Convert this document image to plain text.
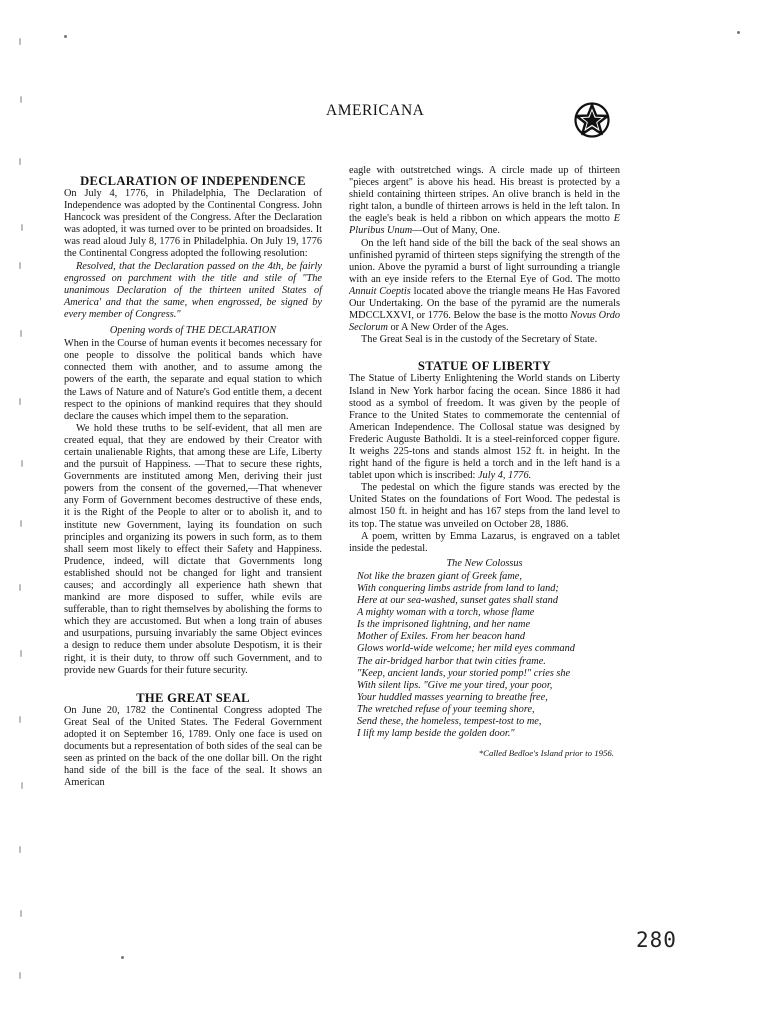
AMERICANA
DECLARATION OF INDEPENDENCE

On July 4, 1776, in Philadelphia, The Declaration of Independence was adopted by the Continental Congress. John Hancock was president of the Congress. After the Declaration was adopted, it was turned over to be printed on broadsides. It was read aloud July 8, 1776 in Philadelphia. On July 19, 1776 the Continental Congress adopted the following resolution:

Resolved, that the Declaration passed on the 4th, be fairly engrossed on parchment with the title and stile of "The unanimous Declaration of the thirteen united States of America' and that the same, when engrossed, be signed by every member of Congress."

Opening words of THE DECLARATION

When in the Course of human events it becomes necessary for one people to dissolve the political bands which have connected them with another, and to assume among the powers of the earth, the separate and equal station to which the Laws of Nature and of Nature's God entitle them, a decent respect to the opinions of mankind requires that they should declare the causes which impel them to the separation.

We hold these truths to be self-evident, that all men are created equal, that they are endowed by their Creator with certain unalienable Rights, that among these are Life, Liberty and the pursuit of Happiness. —That to secure these rights, Governments are instituted among Men, deriving their just powers from the consent of the governed,—That whenever any Form of Government becomes destructive of these ends, it is the Right of the People to alter or to abolish it, and to institute new Government, laying its foundation on such principles and organizing its powers in such form, as to them shall seem most likely to effect their Safety and Happiness. Prudence, indeed, will dictate that Governments long established should not be changed for light and transient causes; and accordingly all experience hath shewn that mankind are more disposed to suffer, while evils are sufferable, than to right themselves by abolishing the forms to which they are accustomed. But when a long train of abuses and usurpations, pursuing invariably the same Object evinces a design to reduce them under absolute Despotism, it is their right, it is their duty, to throw off such Government, and to provide new Guards for their future security.

THE GREAT SEAL

On June 20, 1782 the Continental Congress adopted The Great Seal of the United States. The Federal Government adopted it on September 16, 1789. Only one face is used on documents but a representation of both sides of the seal can be seen as printed on the back of the one dollar bill. On the right hand side of the bill is the face of the seal. It shows an American

eagle with outstretched wings. A circle made up of thirteen "pieces argent" is above his head. His breast is protected by a shield containing thirteen stripes. An olive branch is held in the right talon, a bundle of thirteen arrows is held in the left talon. In the eagle's beak is held a ribbon on which appears the motto E Pluribus Unum—Out of Many, One.

On the left hand side of the bill the back of the seal shows an unfinished pyramid of thirteen steps signifying the strength of the union. Above the pyramid a burst of light surrounding a triangle with an eye inside refers to the Eternal Eye of God. The motto Annuit Coeptis located above the triangle means He Has Favored Our Undertaking. On the base of the pyramid are the numerals MDCCLXXVI, or 1776. Below the base is the motto Novus Ordo Seclorum or A New Order of the Ages.

The Great Seal is in the custody of the Secretary of State.

STATUE OF LIBERTY

The Statue of Liberty Enlightening the World stands on Liberty Island in New York harbor facing the ocean. Since 1886 it had stood as a symbol of freedom. It was given by the people of France to the United States to commemorate the centennial of American Independence. The Collosal statue was designed by Frederic Auguste Batholdi. It is a steel-reinforced copper figure. It weighs 225-tons and stands almost 152 ft. in height. In the right hand of the figure is held a torch and in the left hand is a tablet upon which is inscribed: July 4, 1776.

The pedestal on which the figure stands was erected by the United States on the foundations of Fort Wood. The pedestal is almost 150 ft. in height and has 167 steps from the land level to its top. The statue was unveiled on October 28, 1886.

A poem, written by Emma Lazarus, is engraved on a tablet inside the pedestal.

The New Colossus
Not like the brazen giant of Greek fame,
With conquering limbs astride from land to land;
Here at our sea-washed, sunset gates shall stand
A mighty woman with a torch, whose flame
Is the imprisoned lightning, and her name
Mother of Exiles. From her beacon hand
Glows world-wide welcome; her mild eyes command
The air-bridged harbor that twin cities frame.
"Keep, ancient lands, your storied pomp!" cries she
With silent lips. "Give me your tired, your poor,
Your huddled masses yearning to breathe free,
The wretched refuse of your teeming shore,
Send these, the homeless, tempest-tost to me,
I lift my lamp beside the golden door."
*Called Bedloe's Island prior to 1956.
280
